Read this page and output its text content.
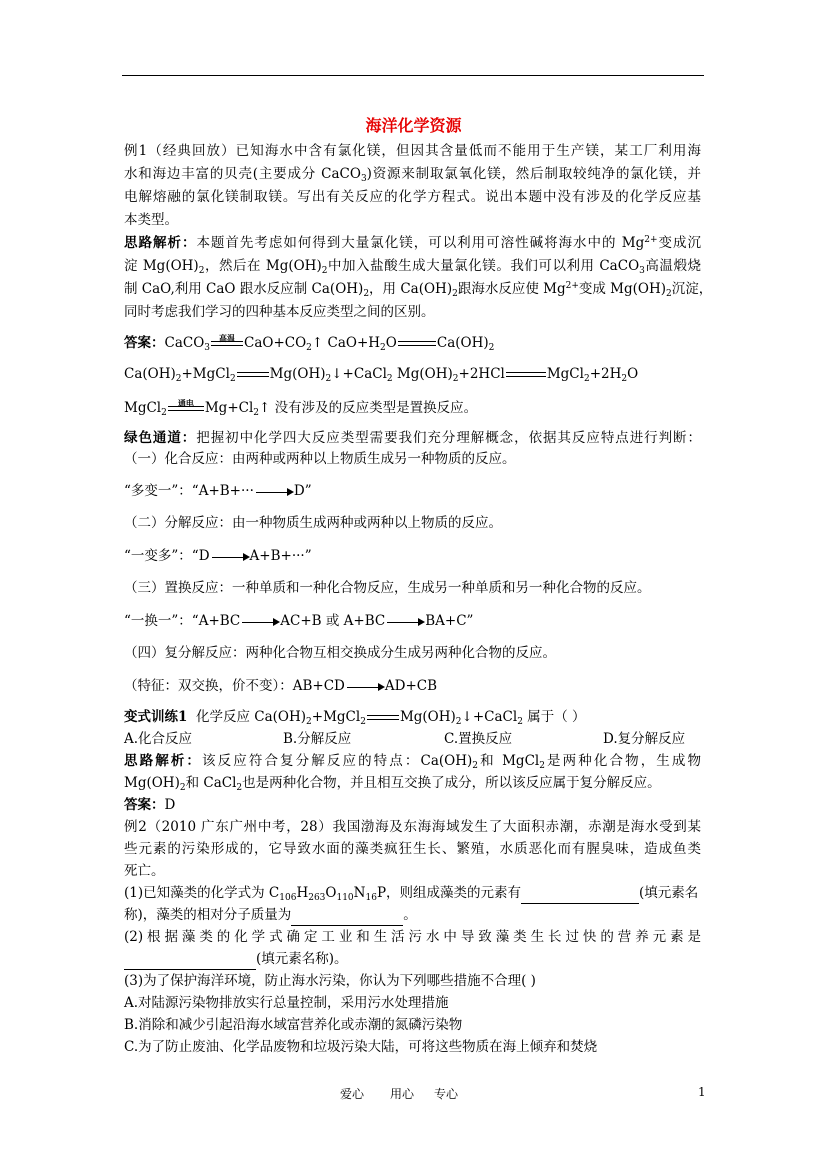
海洋化学资源
例1（经典回放）已知海水中含有氯化镁，但因其含量低而不能用于生产镁，某工厂利用海
水和海边丰富的贝壳(主要成分 CaCO$_3$)资源来制取氯氧化镁，然后制取较纯净的氯化镁，并
电解熔融的氯化镁制取镁。写出有关反应的化学方程式。说出本题中没有涉及的化学反应基
本类型。
思路解析：本题首先考虑如何得到大量氯化镁，可以利用可溶性碱将海水中的 $Mg^{2+}$变成沉
淀 $Mg(OH)_2$，然后在 $Mg(OH)_2$中加入盐酸生成大量氯化镁。我们可以利用 CaCO$_3$高温煅烧
制 CaO,利用 CaO 跟水反应制 $Ca(OH)_2$，用 $Ca(OH)_2$跟海水反应使 $Mg^{2+}$变成 $Mg(OH)_2$沉淀，
同时考虑我们学习的四种基本反应类型之间的区别。
答案：CaCO$_3$
高温 $CaO+CO_2↑$ $CaO+H_2O$	$Ca(OH)_2$
$Ca(OH)_2+MgCl_2$	$Mg(OH)_2↓+CaCl_2$ $Mg(OH)_2+2HCl$	$MgCl_2+2H_2O$
MgCl$_2$
通电 $Mg+Cl_2↑$ 没有涉及的反应类型是置换反应。
绿色通道：把握初中化学四大反应类型需要我们充分理解概念，依据其反应特点进行判断：
（一）化合反应：由两种或两种以上物质生成另一种物质的反应。
“多变一”：“A+B+···	D”
（二）分解反应：由一种物质生成两种或两种以上物质的反应。
“一变多”：“D	A+B+···”
（三）置换反应：一种单质和一种化合物反应，生成另一种单质和另一种化合物的反应。
“一换一”：“A+BC	AC+B 或 A+BC	BA+C”
（四）复分解反应：两种化合物互相交换成分生成另两种化合物的反应。
（特征：双交换，价不变）：AB+CD	AD+CB
变式训练1 化学反应 $Ca(OH)_2+MgCl_2$	$Mg(OH)_2↓+CaCl_2$ 属于（ ）
A.化合反应	B.分解反应	C.置换反应	D.复分解反应
思路解析：该反应符合复分解反应的特点：$Ca(OH)_2$和 MgCl$_2$是两种化合物，生成物
$Mg(OH)_2$和 CaCl$_2$也是两种化合物，并且相互交换了成分，所以该反应属于复分解反应。
答案：D
例2（2010 广东广州中考，28）我国渤海及东海海域发生了大面积赤潮，赤潮是海水受到某
些元素的污染形成的，它导致水面的藻类疯狂生长、繁殖，水质恶化而有腥臭味，造成鱼类
死亡。
(1)已知藻类的化学式为 $C_{106}H_{263}O_{110}N_{16}P$，则组成藻类的元素有	(填元素名
称)，藻类的相对分子质量为	。
(2)根据藻类的化学式确定工业和生活污水中导致藻类生长过快的营养元素是
(填元素名称)。
(3)为了保护海洋环境，防止海水污染，你认为下列哪些措施不合理( )
A.对陆源污染物排放实行总量控制，采用污水处理措施
B.消除和减少引起沿海水域富营养化或赤潮的氮磷污染物
C.为了防止废油、化学品废物和垃圾污染大陆，可将这些物质在海上倾弃和焚烧
爱心 用心 专心	1
